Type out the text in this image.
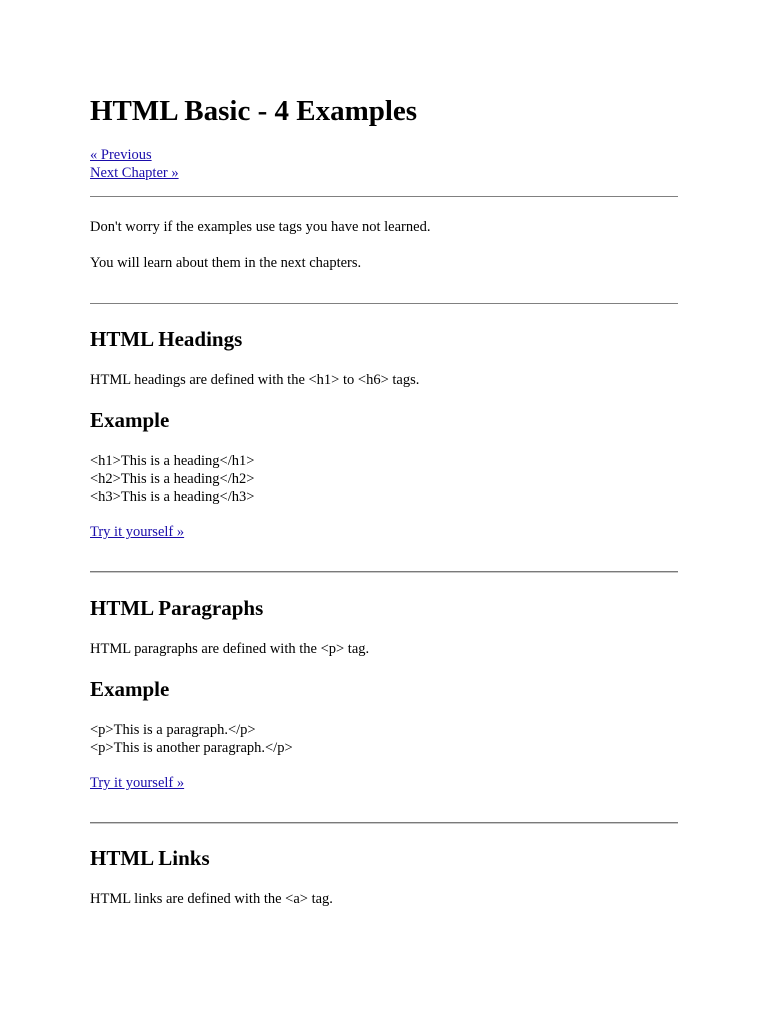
HTML Basic - 4 Examples
« Previous
Next Chapter »

Don't worry if the examples use tags you have not learned.

You will learn about them in the next chapters.

HTML Headings

HTML headings are defined with the <h1> to <h6> tags.

Example
<h1>This is a heading</h1>
<h2>This is a heading</h2>
<h3>This is a heading</h3>
Try it yourself »
HTML Paragraphs

HTML paragraphs are defined with the <p> tag.

Example
<p>This is a paragraph.</p>
<p>This is another paragraph.</p>
Try it yourself »
HTML Links

HTML links are defined with the <a> tag.
